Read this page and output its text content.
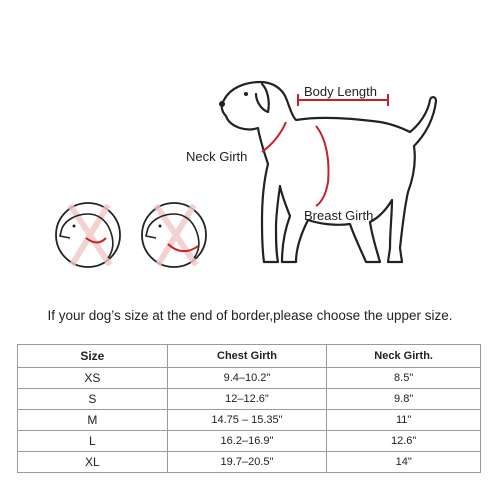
Body Length
Neck Girth
Breast Girth
If your dog’s size at the end of border,please choose the upper size.
Size	Chest Girth	Neck Girth.
XS	9.4–10.2"	8.5"
S	12–12.6"	9.8"
M	14.75 – 15.35"	11"
L	16.2–16.9"	12.6"
XL	19.7–20.5"	14"
